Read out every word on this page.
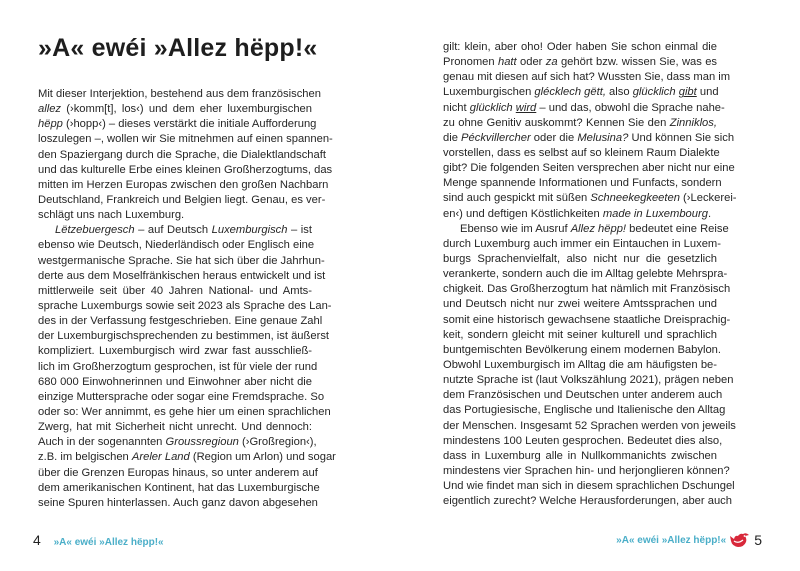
»A« ewéi »Allez hëpp!«
Mit dieser Interjektion, bestehend aus dem französischen
allez (›komm[t], los‹) und dem eher luxemburgischen
hëpp (›hopp‹) – dieses verstärkt die initiale Aufforderung
loszulegen –, wollen wir Sie mitnehmen auf einen spannen-
den Spaziergang durch die Sprache, die Dialektlandschaft
und das kulturelle Erbe eines kleinen Großherzogtums, das
mitten im Herzen Europas zwischen den großen Nachbarn
Deutschland, Frankreich und Belgien liegt. Genau, es ver-
schlägt uns nach Luxemburg.
Lëtzebuergesch – auf Deutsch Luxemburgisch – ist
ebenso wie Deutsch, Niederländisch oder Englisch eine
westgermanische Sprache. Sie hat sich über die Jahrhun-
derte aus dem Moselfränkischen heraus entwickelt und ist
mittlerweile seit über 40 Jahren National- und Amts-
sprache Luxemburgs sowie seit 2023 als Sprache des Lan-
des in der Verfassung festgeschrieben. Eine genaue Zahl
der Luxemburgischsprechenden zu bestimmen, ist äußerst
kompliziert. Luxemburgisch wird zwar fast ausschließ-
lich im Großherzogtum gesprochen, ist für viele der rund
680 000 Einwohnerinnen und Einwohner aber nicht die
einzige Muttersprache oder sogar eine Fremdsprache. So
oder so: Wer annimmt, es gehe hier um einen sprachlichen
Zwerg, hat mit Sicherheit nicht unrecht. Und dennoch:
Auch in der sogenannten Groussregioun (›Großregion‹),
z.B. im belgischen Areler Land (Region um Arlon) und sogar
über die Grenzen Europas hinaus, so unter anderem auf
dem amerikanischen Kontinent, hat das Luxemburgische
seine Spuren hinterlassen. Auch ganz davon abgesehen
4 »A« ewéi »Allez hëpp!«
gilt: klein, aber oho! Oder haben Sie schon einmal die
Pronomen hatt oder za gehört bzw. wissen Sie, was es
genau mit diesen auf sich hat? Wussten Sie, dass man im
Luxemburgischen glécklech gëtt, also glücklich gibt und
nicht glücklich wird – und das, obwohl die Sprache nahe-
zu ohne Genitiv auskommt? Kennen Sie den Zinniklos,
die Péckvillercher oder die Melusina? Und können Sie sich
vorstellen, dass es selbst auf so kleinem Raum Dialekte
gibt? Die folgenden Seiten versprechen aber nicht nur eine
Menge spannende Informationen und Funfacts, sondern
sind auch gespickt mit süßen Schneekegkeeten (›Leckerei-
en‹) und deftigen Köstlichkeiten made in Luxembourg.
Ebenso wie im Ausruf Allez hëpp! bedeutet eine Reise
durch Luxemburg auch immer ein Eintauchen in Luxem-
burgs Sprachenvielfalt, also nicht nur die gesetzlich
verankerte, sondern auch die im Alltag gelebte Mehrspra-
chigkeit. Das Großherzogtum hat nämlich mit Französisch
und Deutsch nicht nur zwei weitere Amtssprachen und
somit eine historisch gewachsene staatliche Dreisprachig-
keit, sondern gleicht mit seiner kulturell und sprachlich
buntgemischten Bevölkerung einem modernen Babylon.
Obwohl Luxemburgisch im Alltag die am häufigsten be-
nutzte Sprache ist (laut Volkszählung 2021), prägen neben
dem Französischen und Deutschen unter anderem auch
das Portugiesische, Englische und Italienische den Alltag
der Menschen. Insgesamt 52 Sprachen werden von jeweils
mindestens 100 Leuten gesprochen. Bedeutet dies also,
dass in Luxemburg alle in Nullkommanichts zwischen
mindestens vier Sprachen hin- und herjonglieren können?
Und wie findet man sich in diesem sprachlichen Dschungel
eigentlich zurecht? Welche Herausforderungen, aber auch
»A« ewéi »Allez hëpp!« 5
